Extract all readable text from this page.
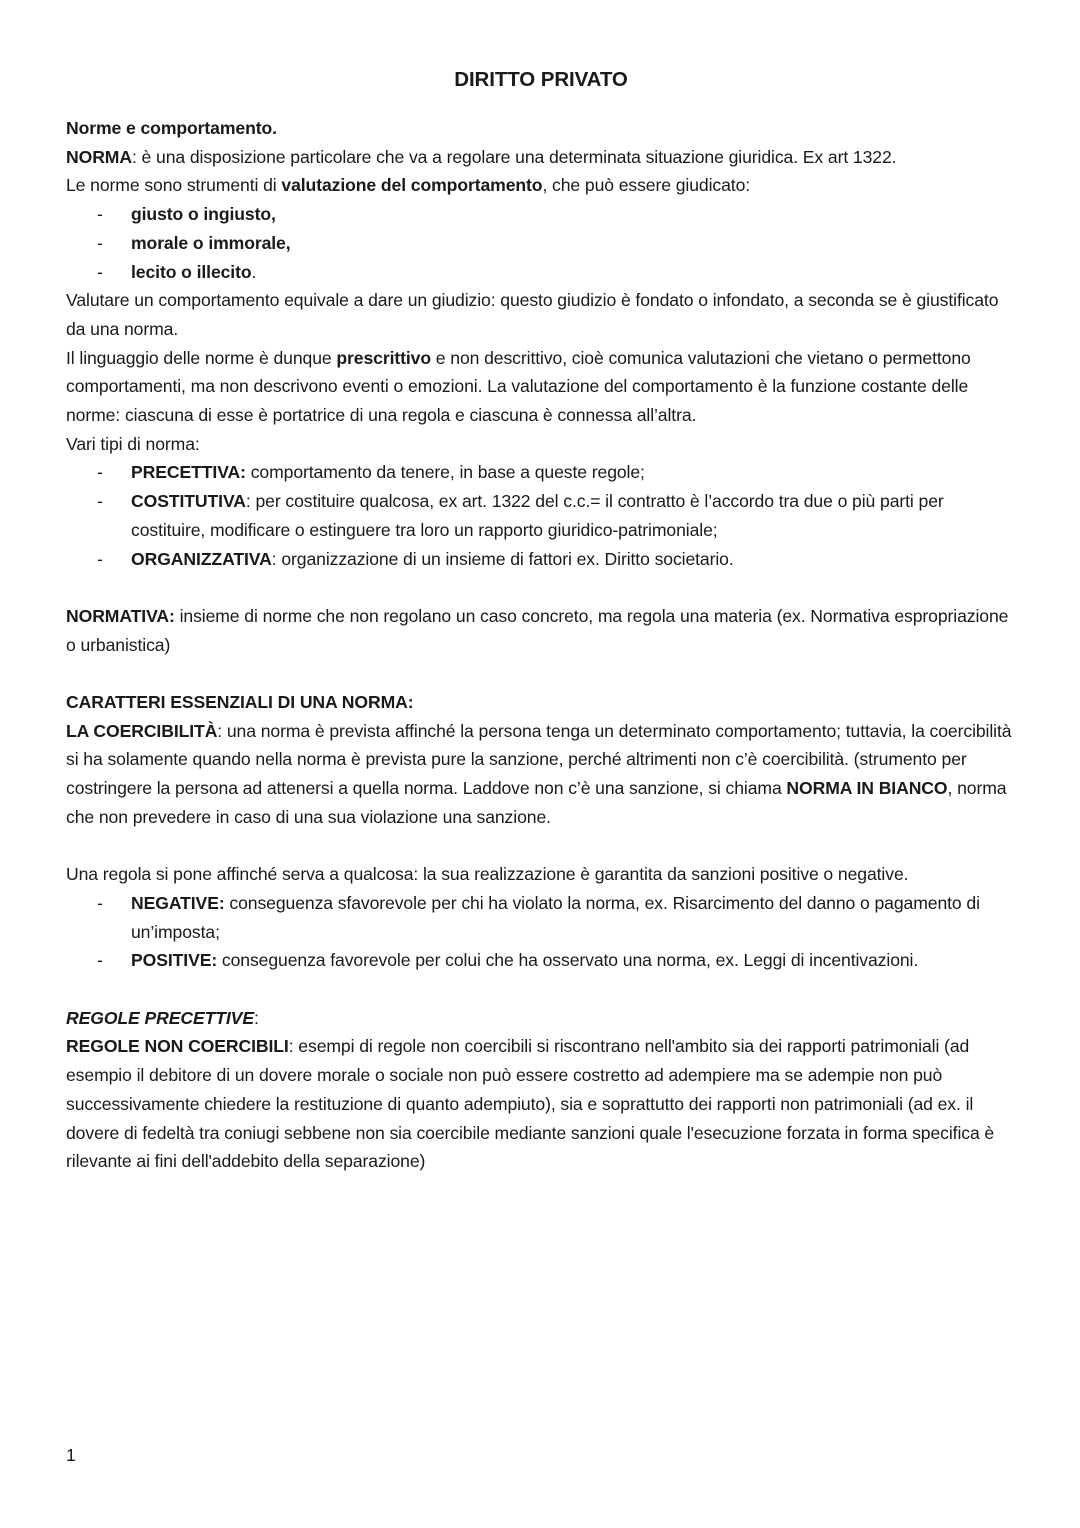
DIRITTO PRIVATO

Norme e comportamento.

NORMA: è una disposizione particolare che va a regolare una determinata situazione giuridica. Ex art 1322.

Le norme sono strumenti di valutazione del comportamento, che può essere giudicato:

- giusto o ingiusto,
- morale o immorale,
- lecito o illecito.

Valutare un comportamento equivale a dare un giudizio: questo giudizio è fondato o infondato, a seconda se è giustificato da una norma.

Il linguaggio delle norme è dunque prescrittivo e non descrittivo, cioè comunica valutazioni che vietano o permettono comportamenti, ma non descrivono eventi o emozioni. La valutazione del comportamento è la funzione costante delle norme: ciascuna di esse è portatrice di una regola e ciascuna è connessa all’altra.

Vari tipi di norma:

- PRECETTIVA: comportamento da tenere, in base a queste regole;
- COSTITUTIVA: per costituire qualcosa, ex art. 1322 del c.c.= il contratto è l’accordo tra due o più parti per costituire, modificare o estinguere tra loro un rapporto giuridico-patrimoniale;
- ORGANIZZATIVA: organizzazione di un insieme di fattori ex. Diritto societario.

NORMATIVA: insieme di norme che non regolano un caso concreto, ma regola una materia (ex. Normativa espropriazione o urbanistica)

CARATTERI ESSENZIALI DI UNA NORMA:

LA COERCIBILITÀ: una norma è prevista affinché la persona tenga un determinato comportamento; tuttavia, la coercibilità si ha solamente quando nella norma è prevista pure la sanzione, perché altrimenti non c’è coercibilità. (strumento per costringere la persona ad attenersi a quella norma. Laddove non c’è una sanzione, si chiama NORMA IN BIANCO, norma che non prevedere in caso di una sua violazione una sanzione.

Una regola si pone affinché serva a qualcosa: la sua realizzazione è garantita da sanzioni positive o negative.

- NEGATIVE: conseguenza sfavorevole per chi ha violato la norma, ex. Risarcimento del danno o pagamento di un’imposta;
- POSITIVE: conseguenza favorevole per colui che ha osservato una norma, ex. Leggi di incentivazioni.

REGOLE PRECETTIVE:

REGOLE NON COERCIBILI: esempi di regole non coercibili si riscontrano nell'ambito sia dei rapporti patrimoniali (ad esempio il debitore di un dovere morale o sociale non può essere costretto ad adempiere ma se adempie non può successivamente chiedere la restituzione di quanto adempiuto), sia e soprattutto dei rapporti non patrimoniali (ad ex. il dovere di fedeltà tra coniugi sebbene non sia coercibile mediante sanzioni quale l'esecuzione forzata in forma specifica è rilevante ai fini dell'addebito della separazione)

1
